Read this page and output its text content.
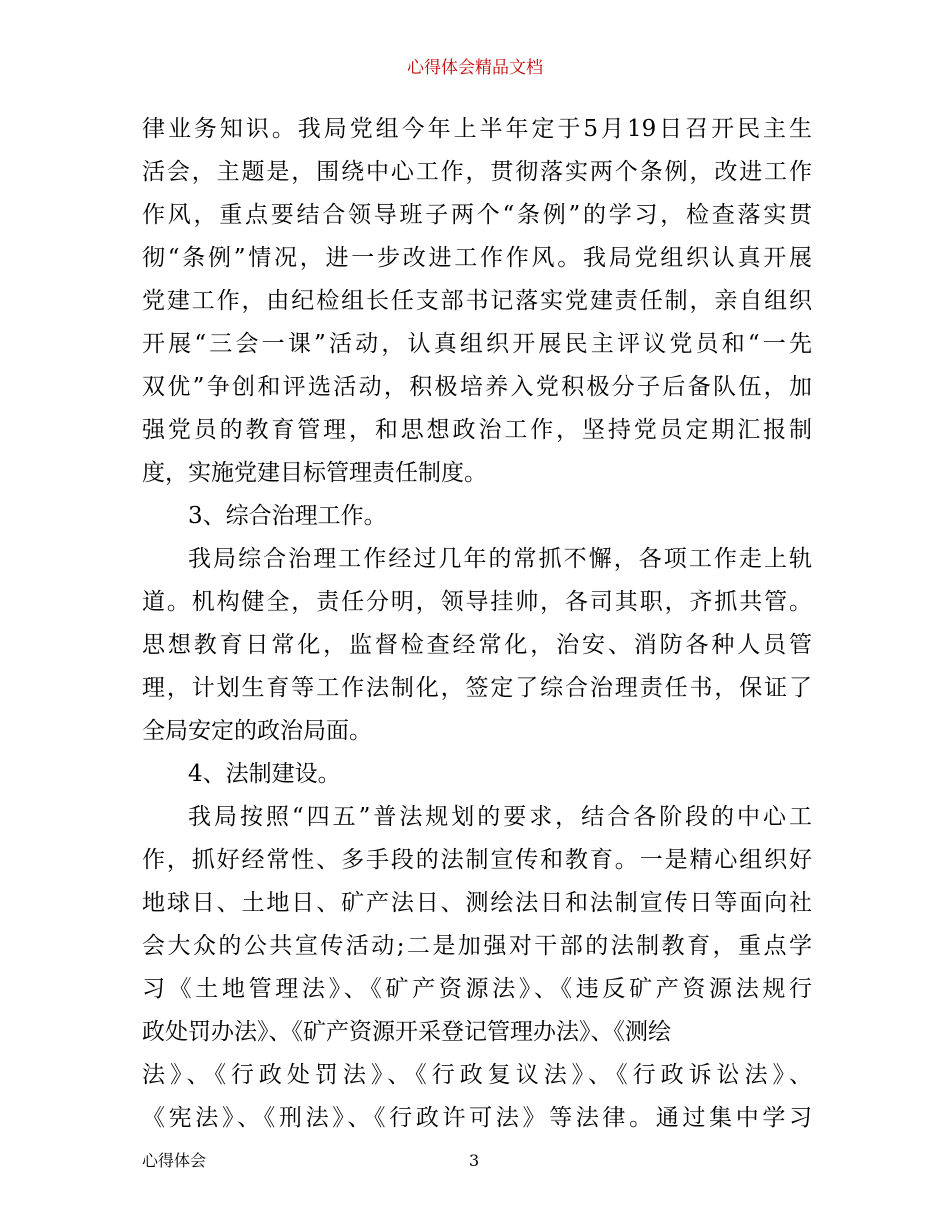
心得体会精品文档
律业务知识。我局党组今年上半年定于5月19日召开民主生
活会，主题是，围绕中心工作，贯彻落实两个条例，改进工作
作风，重点要结合领导班子两个“条例”的学习，检查落实贯
彻“条例”情况，进一步改进工作作风。我局党组织认真开展
党建工作，由纪检组长任支部书记落实党建责任制，亲自组织
开展“三会一课”活动，认真组织开展民主评议党员和“一先
双优”争创和评选活动，积极培养入党积极分子后备队伍，加
强党员的教育管理，和思想政治工作，坚持党员定期汇报制
度，实施党建目标管理责任制度。
3、综合治理工作。
我局综合治理工作经过几年的常抓不懈，各项工作走上轨
道。机构健全，责任分明，领导挂帅，各司其职，齐抓共管。
思想教育日常化，监督检查经常化，治安、消防各种人员管
理，计划生育等工作法制化，签定了综合治理责任书，保证了
全局安定的政治局面。
4、法制建设。
我局按照“四五”普法规划的要求，结合各阶段的中心工
作，抓好经常性、多手段的法制宣传和教育。一是精心组织好
地球日、土地日、矿产法日、测绘法日和法制宣传日等面向社
会大众的公共宣传活动;二是加强对干部的法制教育，重点学
习《土地管理法》、《矿产资源法》、《违反矿产资源法规行
政处罚办法》、《矿产资源开采登记管理办法》、《测绘
法》、《行政处罚法》、《行政复议法》、《行政诉讼法》、
《宪法》、《刑法》、《行政许可法》等法律。通过集中学习
心得体会	3
